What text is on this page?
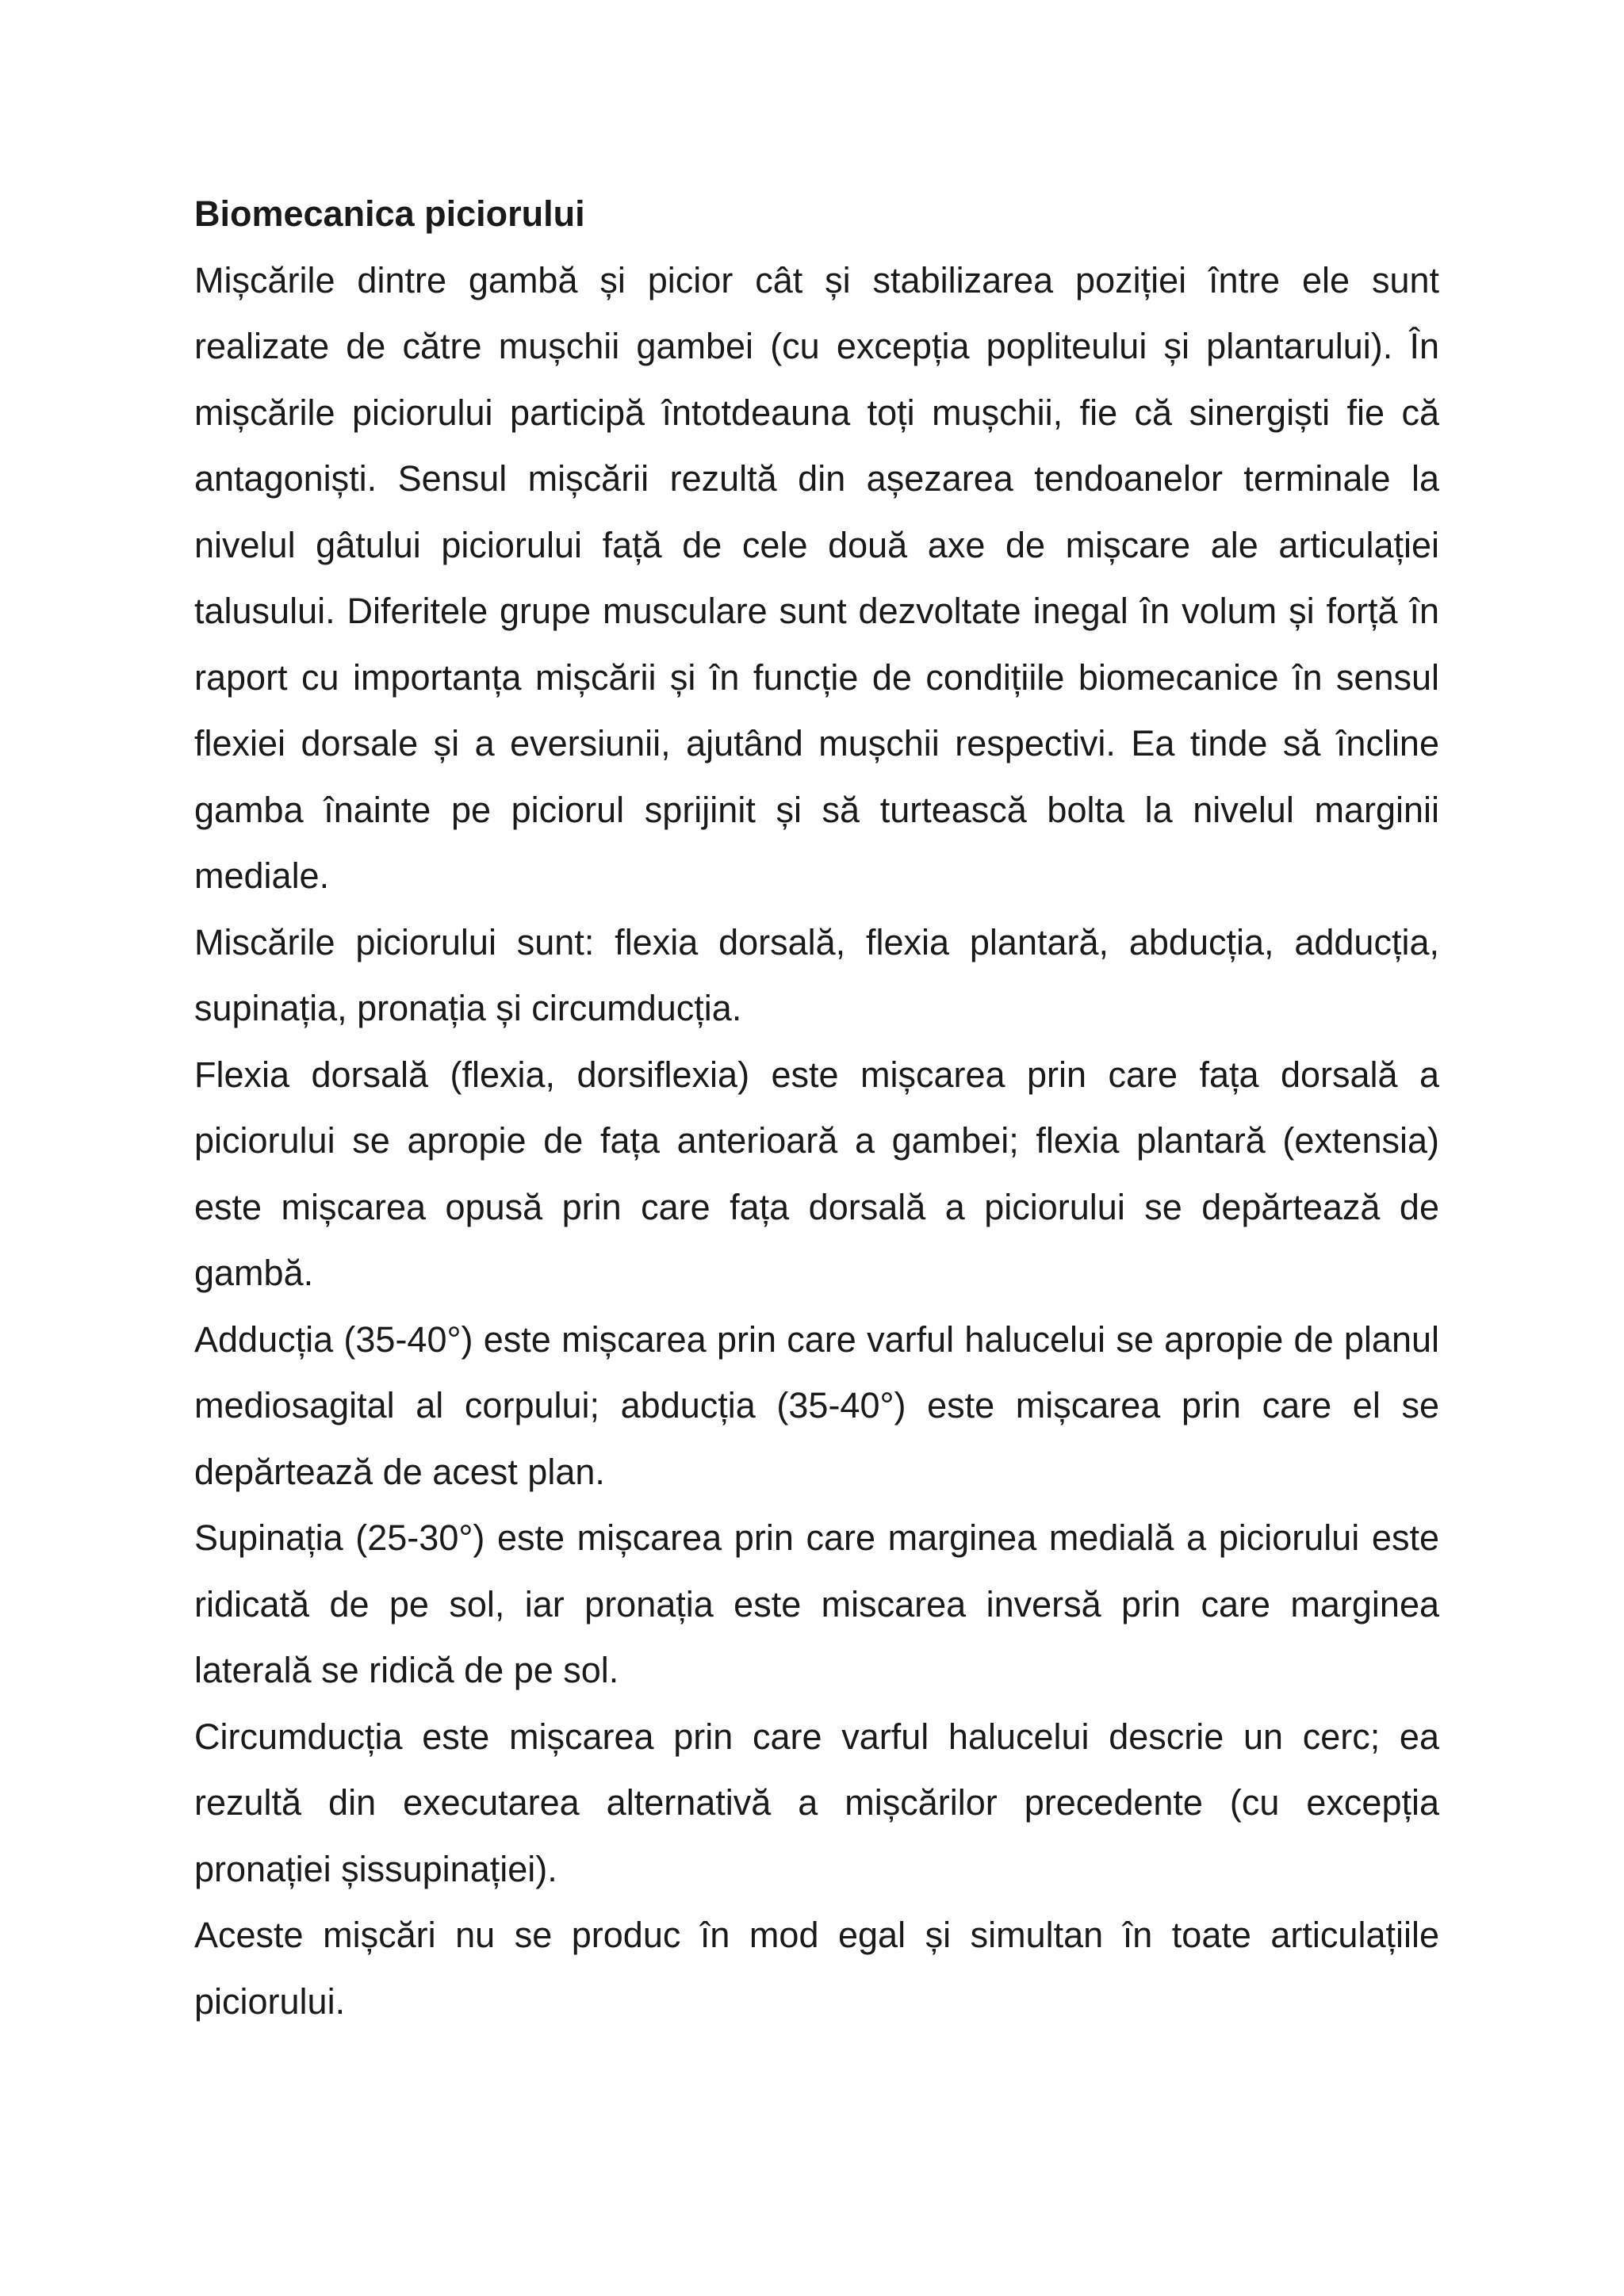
Biomecanica piciorului

Mișcările dintre gambă și picior cât și stabilizarea poziției între ele sunt realizate de către mușchii gambei (cu excepția popliteului și plantarului). În mișcările piciorului participă întotdeauna toți mușchii, fie că sinergiști fie că antagoniști. Sensul mișcării rezultă din așezarea tendoanelor terminale la nivelul gâtului piciorului față de cele două axe de mișcare ale articulației talusului. Diferitele grupe musculare sunt dezvoltate inegal în volum și forță în raport cu importanța mișcării și în funcție de condițiile biomecanice în sensul flexiei dorsale și a eversiunii, ajutând mușchii respectivi. Ea tinde să încline gamba înainte pe piciorul sprijinit și să turtească bolta la nivelul marginii mediale.

Miscările piciorului sunt: flexia dorsală, flexia plantară, abducția, adducția, supinația, pronația și circumducția.

Flexia dorsală (flexia, dorsiflexia) este mișcarea prin care fața dorsală a piciorului se apropie de fața anterioară a gambei; flexia plantară (extensia) este mișcarea opusă prin care fața dorsală a piciorului se depărtează de gambă.

Adducția (35-40°) este mișcarea prin care varful halucelui se apropie de planul mediosagital al corpului; abducția (35-40°) este mișcarea prin care el se depărtează de acest plan.

Supinația (25-30°) este mișcarea prin care marginea medială a piciorului este ridicată de pe sol, iar pronația este miscarea inversă prin care marginea laterală se ridică de pe sol.

Circumducția este mișcarea prin care varful halucelui descrie un cerc; ea rezultă din executarea alternativă a mișcărilor precedente (cu excepția pronației șissupinației).

Aceste mișcări nu se produc în mod egal și simultan în toate articulațiile piciorului.
